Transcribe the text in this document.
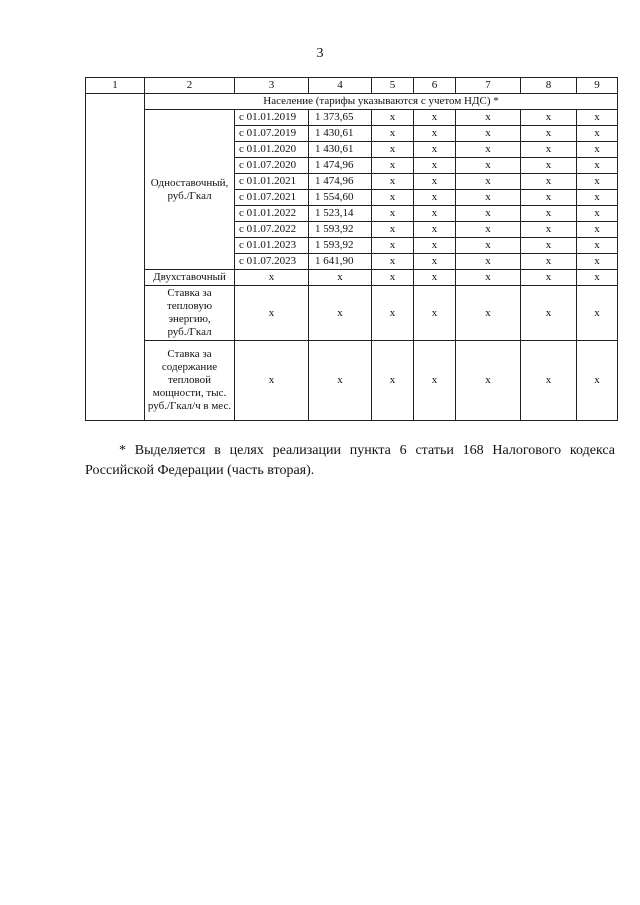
3
1	2	3	4	5	6	7	8	9
	Население (тарифы указываются с учетом НДС) *							
	Одноставочный, руб./Гкал	с 01.01.2019	1 373,65	x	x	x	x	x
		с 01.07.2019	1 430,61	x	x	x	x	x
		с 01.01.2020	1 430,61	x	x	x	x	x
		с 01.07.2020	1 474,96	x	x	x	x	x
		с 01.01.2021	1 474,96	x	x	x	x	x
		с 01.07.2021	1 554,60	x	x	x	x	x
		с 01.01.2022	1 523,14	x	x	x	x	x
		с 01.07.2022	1 593,92	x	x	x	x	x
		с 01.01.2023	1 593,92	x	x	x	x	x
		с 01.07.2023	1 641,90	x	x	x	x	x
	Двухставочный	x	x	x	x	x	x	x
	Ставка за тепловую энергию, руб./Гкал	x	x	x	x	x	x	x
	Ставка за содержание тепловой мощности, тыс. руб./Гкал/ч в мес.	x	x	x	x	x	x	x

* Выделяется в целях реализации пункта 6 статьи 168 Налогового кодекса

Российской Федерации (часть вторая).
